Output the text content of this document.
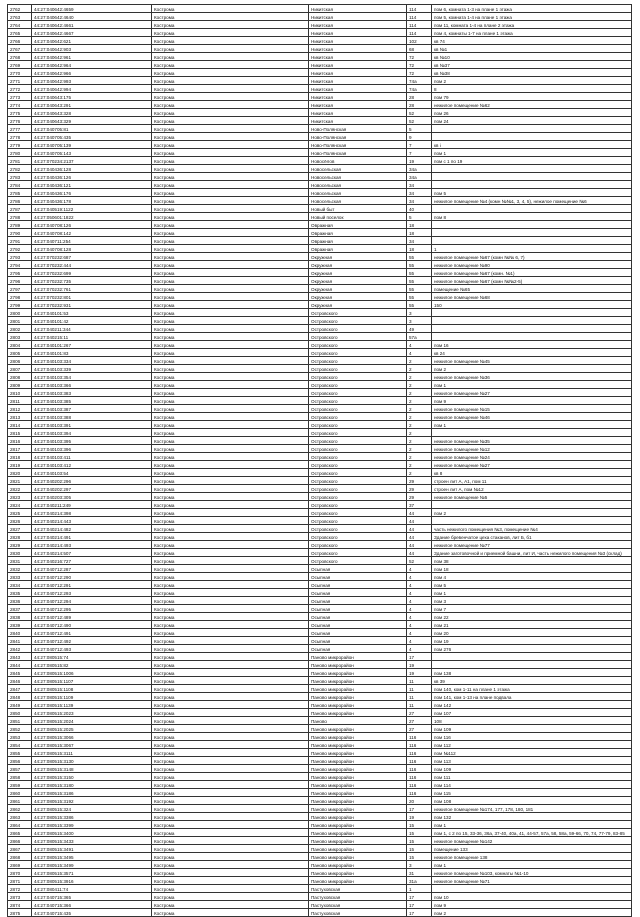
2762	44:27:040642:4659	Кострома	Никитская	114	пом 6, комната 1-3 на плане 1 этажа
2763	44:27:040642:4640	Кострома	Никитская	114	пом 5, комната 1-4 на плане 1 этажа
2764	44:27:040642:4661	Кострома	Никитская	114	пом 11, комната 1-4 на плане 2 этажа
2765	44:27:040642:4667	Кострома	Никитская	114	пом 4, комнаты 1-7 на плане 1 этажа
2766	44:27:040642:621	Кострома	Никитская	102	кв 74
2767	44:27:040642:903	Кострома	Никитская	68	кв №1
2768	44:27:040642:961	Кострома	Никитская	72	кв №10
2769	44:27:040642:964	Кострома	Никитская	72	кв №37
2770	44:27:040642:966	Кострома	Никитская	72	кв №38
2771	44:27:040642:993	Кострома	Никитская	74а	пом 2
2772	44:27:040642:994	Кострома	Никитская	74а	8
2773	44:27:040643:175	Кострома	Никитская	28	пом 79
2774	44:27:040643:291	Кострома	Никитская	28	нежилое помещение №62
2775	44:27:040643:328	Кострома	Никитская	52	пом 26
2776	44:27:040643:329	Кострома	Никитская	52	пом 24
2777	44:27:040705:81	Кострома	Ново-Полянская	5	
2778	44:27:040705:435	Кострома	Ново-Полянская	9	
2779	44:27:040705:139	Кострома	Ново-Полянская	7	кв i
2780	44:27:040705:143	Кострома	Ново-Полянская	7	пом 1
2781	44:27:070234:2137	Кострома	Новосёлов	19	пом с 1 по 19
2782	44:27:040436:128	Кострома	Новосельская	34а	
2783	44:27:040436:126	Кострома	Новосельская	34а	
2784	44:27:040436:121	Кострома	Новосельская	34	
2785	44:27:040436:176	Кострома	Новосельская	34	пом 5
2786	44:27:040436:178	Кострома	Новосельская	34	нежилое помещение №4 (комн №№1, 3, 4, 5), нежилое помещение №6
2787	44:27:040519:1122	Кострома	Новый быт	40	
2788	44:27:050601:1822	Кострома	Новый поселок	5	пом 8
2789	44:27:040708:126	Кострома	Овражная	18	
2790	44:27:040708:142	Кострома	Овражная	18	
2791	44:27:040711:254	Кострома	Овражная	34	
2792	44:27:040708:128	Кострома	Овражная	18	1
2793	44:27:070232:687	Кострома	Окружная	55	нежилое помещение №67 (комн №№ 6, 7)
2794	44:27:070232:444	Кострома	Окружная	55	нежилое помещение №90
2795	44:27:070232:699	Кострома	Окружная	55	нежилое помещение №67 (комн. №1)
2796	44:27:070232:735	Кострома	Окружная	55	нежилое помещение №67 (комн №№2-5)
2797	44:27:070232:761	Кострома	Окружная	55	помещение №65
2798	44:27:070232:801	Кострома	Окружная	55	нежилое помещение №68
2799	44:27:070232:931	Кострома	Окружная	55	150
2800	44:27:040101:53	Кострома	Островского	3	
2801	44:27:040101:42	Кострома	Островского	3	
2802	44:27:040211:344	Кострома	Островского	49	
2803	44:27:040215:11	Кострома	Островского	57а	
2804	44:27:040101:267	Кострома	Островского	4	пом 16
2805	44:27:040101:83	Кострома	Островского	4	кв 24
2806	44:27:040103:334	Кострома	Островского	2	нежилое помещение №45
2807	44:27:040103:339	Кострома	Островского	2	пом 2
2808	44:27:040103:354	Кострома	Островского	2	нежилое помещение №36
2809	44:27:040103:366	Кострома	Островского	2	пом 1
2810	44:27:040103:383	Кострома	Островского	2	нежилое помещение №27
2811	44:27:040103:385	Кострома	Островского	2	пом 9
2812	44:27:040103:387	Кострома	Островского	2	нежилое помещение №15
2813	44:27:040103:388	Кострома	Островского	2	нежилое помещение №46
2814	44:27:040103:391	Кострома	Островского	2	пом 1
2815	44:27:040103:394	Кострома	Островского	2	
2816	44:27:040103:395	Кострома	Островского	2	нежилое помещение №35
2817	44:27:040103:396	Кострома	Островского	2	нежилое помещение №12
2818	44:27:040103:411	Кострома	Островского	2	нежилое помещение №24
2819	44:27:040103:412	Кострома	Островского	2	нежилое помещение №27
2820	44:27:040103:54	Кострома	Островского	2	кв 8
2821	44:27:040202:296	Кострома	Островского	29	строен лит А, А1, пом 11
2822	44:27:040202:297	Кострома	Островского	29	строен лит А, пом №12
2823	44:27:040203:305	Кострома	Островского	29	нежилое помещение №5
2824	44:27:040211:249	Кострома	Островского	37	
2825	44:27:040214:398	Кострома	Островского	44	пом 2
2826	44:27:040214:443	Кострома	Островского	44	
2827	44:27:040214:482	Кострома	Островского	44	часть нежилого помещения №3, помещение №4
2828	44:27:040214:491	Кострома	Островского	44	Здание бревенчатое цеха стаканов, лит Б, б1
2829	44:27:040214:493	Кострома	Островского	44	нежилое помещение №77
2830	44:27:040214:507	Кострома	Островского	44	Здание заготовочной и приемной башни, лит И, часть нежилого помещения №3 (склад)
2831	44:27:040216:727	Кострома	Островского	52	пом 38
2832	44:27:040712:287	Кострома	Осыпная	4	пом 18
2833	44:27:040712:290	Кострома	Осыпная	4	пом 4
2834	44:27:040712:291	Кострома	Осыпная	4	пом 5
2835	44:27:040712:293	Кострома	Осыпная	4	пом 1
2836	44:27:040712:294	Кострома	Осыпная	4	пом 3
2837	44:27:040712:295	Кострома	Осыпная	4	пом 7
2838	44:27:040712:489	Кострома	Осыпная	4	пом 22
2839	44:27:040712:490	Кострома	Осыпная	4	пом 21
2840	44:27:040712:491	Кострома	Осыпная	4	пом 20
2841	44:27:040712:492	Кострома	Осыпная	4	пом 19
2842	44:27:040712:493	Кострома	Осыпная	4	пом 276
2843	44:27:080515:74	Кострома	Паново микрорайон	17	
2844	44:27:080515:82	Кострома	Паново микрорайон	19	
2845	44:27:080515:1006	Кострома	Паново микрорайон	19	пом 138
2846	44:27:080515:1107	Кострома	Паново микрорайон	11	кв 39
2847	44:27:080515:1108	Кострома	Паново микрорайон	11	пом 140, ком 1-11 на плане 1 этажа
2848	44:27:080515:1109	Кострома	Паново микрорайон	11	пом 141, ком 1-13 на плане подвала
2849	44:27:080515:1139	Кострома	Паново микрорайон	11	пом 142
2850	44:27:080515:2023	Кострома	Паново микрорайон	27	пом 107
2851	44:27:080515:2024	Кострома	Паново	27	108
2852	44:27:080515:2025	Кострома	Паново микрорайон	27	пом 109
2853	44:27:080515:3066	Кострома	Паново микрорайон	116	пом 116
2854	44:27:080515:3067	Кострома	Паново микрорайон	116	пом 112
2855	44:27:080515:3111	Кострома	Паново микрорайон	116	пом №112
2856	44:27:080515:3130	Кострома	Паново микрорайон	116	пом 113
2857	44:27:080515:3148	Кострома	Паново микрорайон	116	пом 109
2858	44:27:080515:3150	Кострома	Паново микрорайон	116	пом 111
2859	44:27:080515:3180	Кострома	Паново микрорайон	116	пом 114
2860	44:27:080515:3186	Кострома	Паново микрорайон	116	пом 115
2861	44:27:080515:3192	Кострома	Паново микрорайон	20	пом 108
2862	44:27:080515:324	Кострома	Паново микрорайон	17	нежилое помещение №174, 177, 178, 180, 181
2863	44:27:080515:3386	Кострома	Паново микрорайон	19	пом 132
2864	44:27:080515:3399	Кострома	Паново микрорайон	15	пом 1
2865	44:27:080515:3400	Кострома	Паново микрорайон	15	пом 1, с 2 по 15, 33-36, 36а, 37-40, 40а, 41, 44-57, 57а, 58, 58а, 59-66, 70, 74, 77-79, 83-85
2866	44:27:080515:3433	Кострома	Паново микрорайон	15	нежилое помещение №142
2867	44:27:080515:3491	Кострома	Паново микрорайон	15	помещение 133
2868	44:27:080515:3495	Кострома	Паново микрорайон	15	нежилое помещение 138
2869	44:27:080515:3499	Кострома	Паново микрорайон	3	пом 1
2870	44:27:080515:3571	Кострома	Паново микрорайон	31	нежилое помещение №103, комнаты №1-10
2871	44:27:080515:3916	Кострома	Паново микрорайон	31а	нежилое помещение №71
2872	44:27:080411:74	Кострома	Пастуховская	1	
2873	44:27:040715:365	Кострома	Пастуховская	17	пом 10
2874	44:27:040715:366	Кострома	Пастуховская	17	пом 9
2875	44:27:040715:435	Кострома	Пастуховская	17	пом 2
